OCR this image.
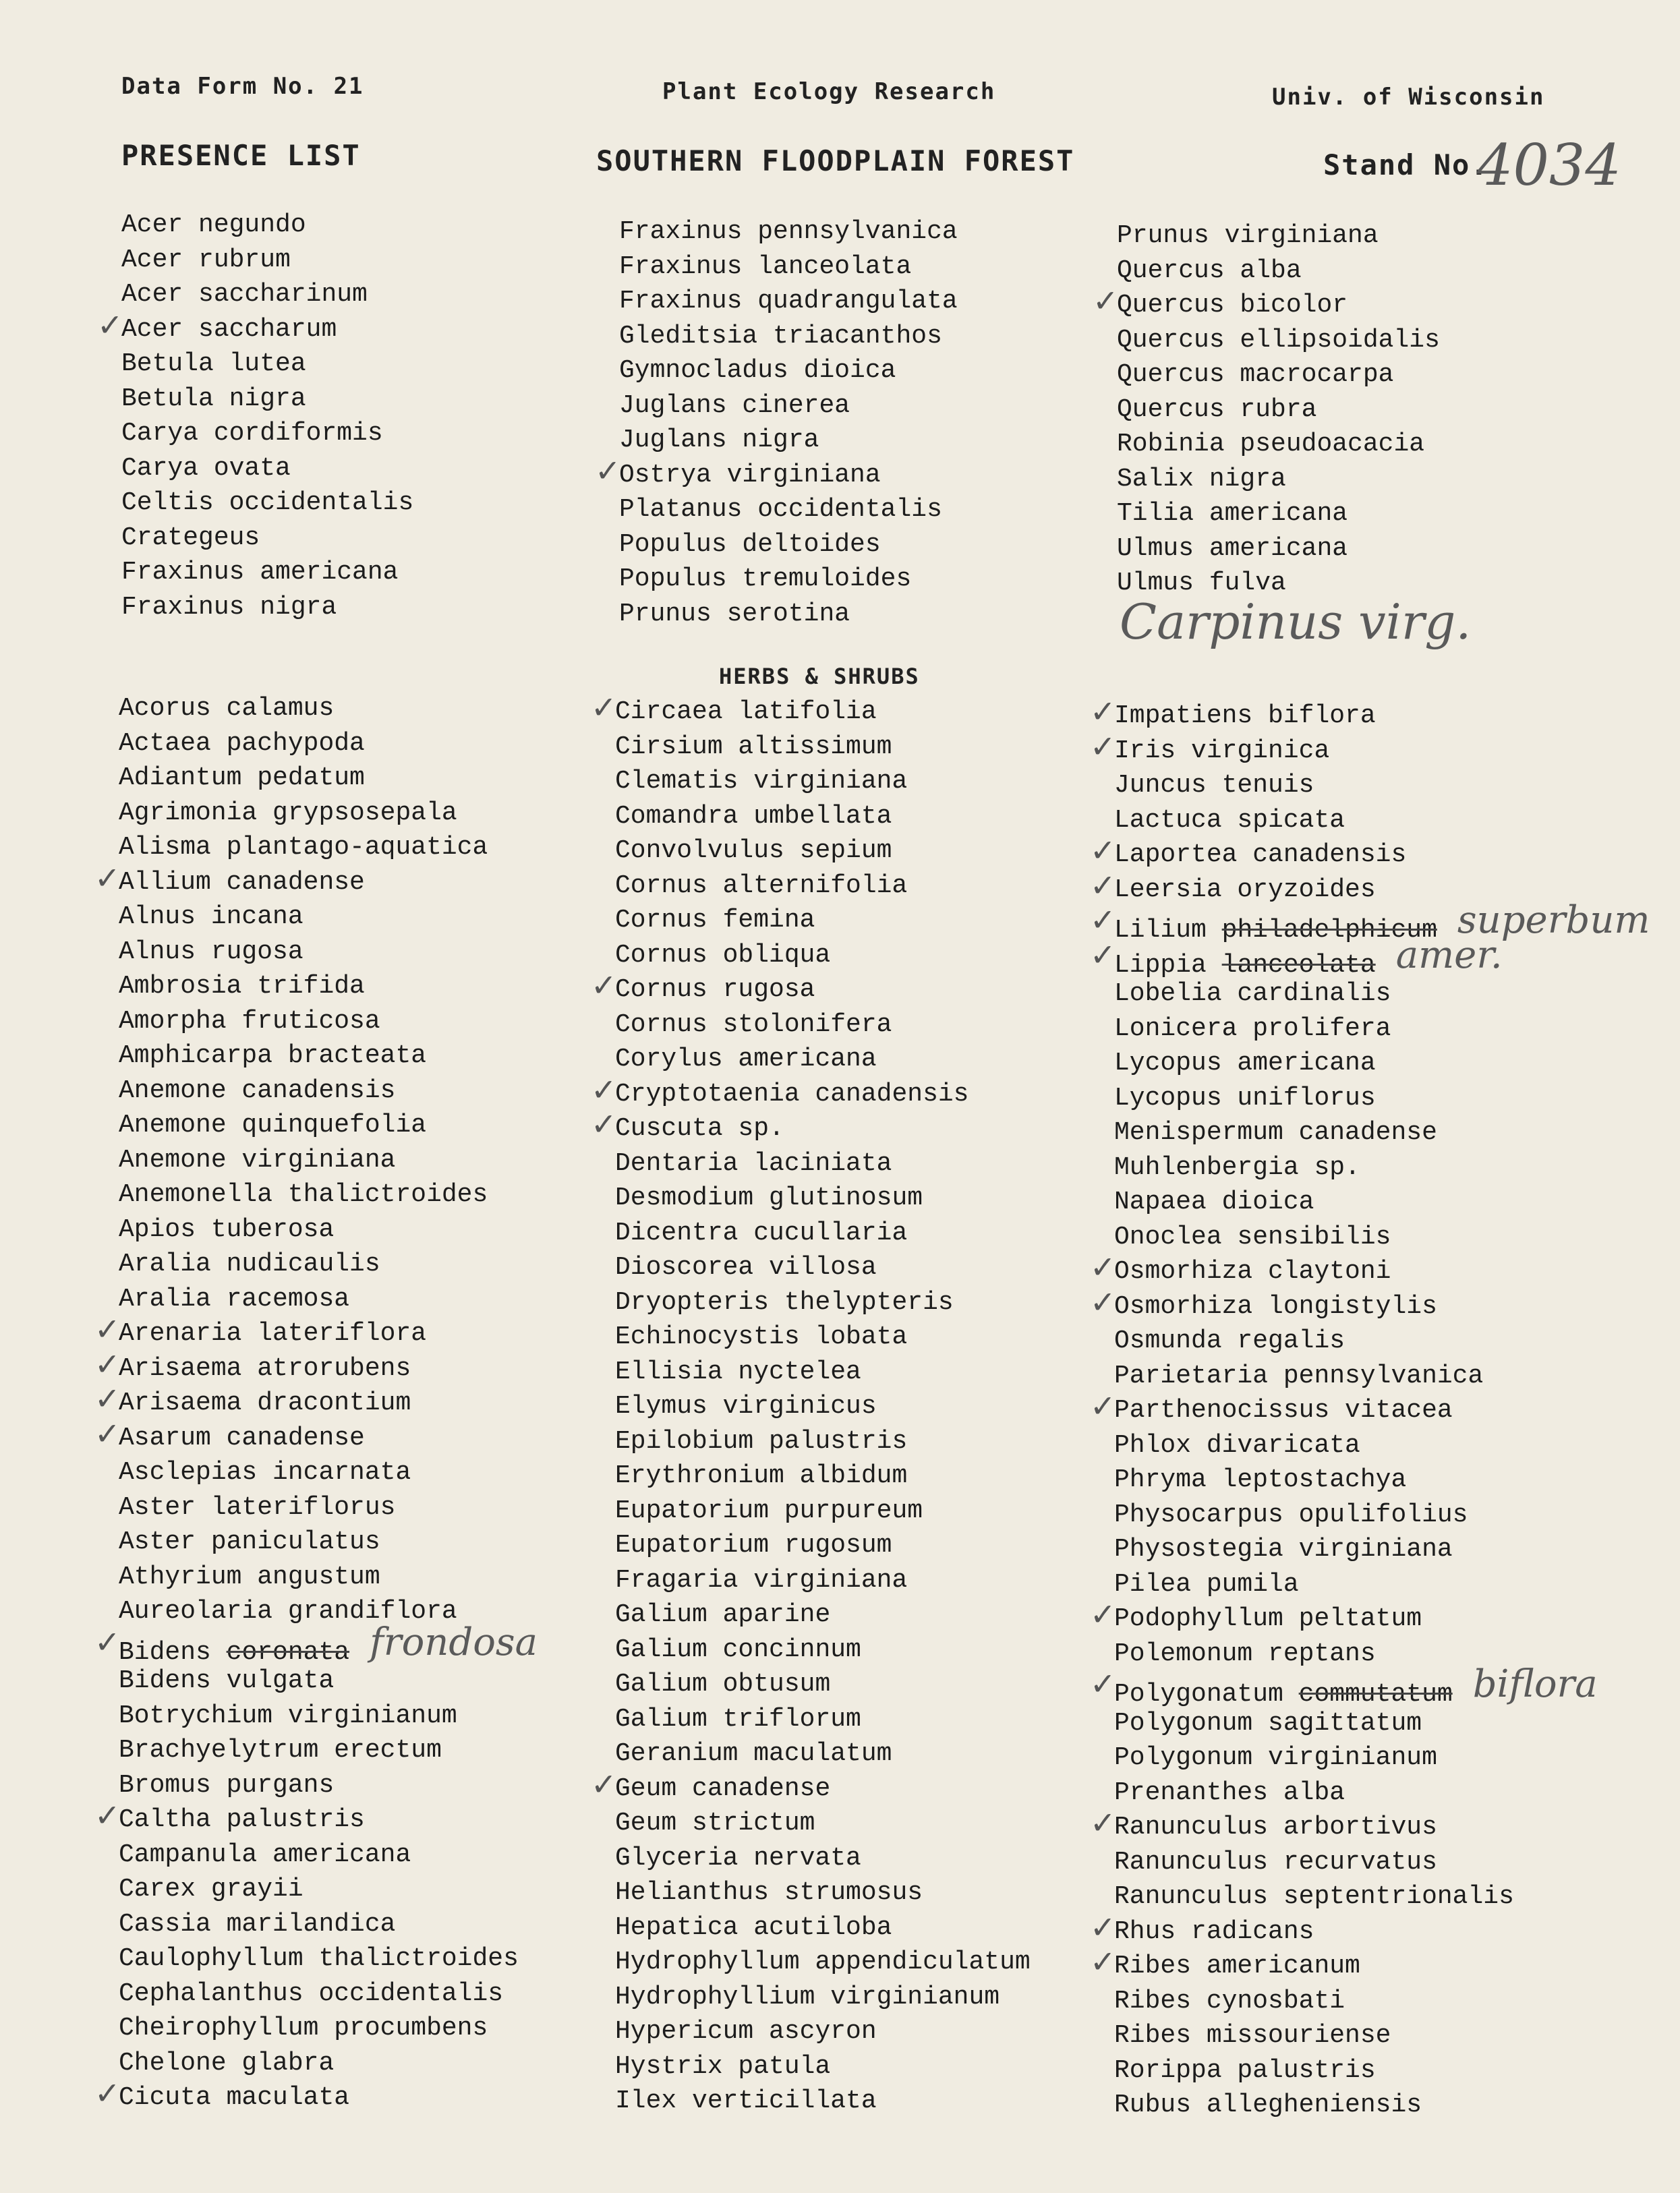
Data Form No. 21	Plant Ecology Research	Univ. of Wisconsin
PRESENCE LIST	SOUTHERN FLOODPLAIN FOREST	Stand No.
4034
Acer negundo
Acer rubrum
Acer saccharinum
✓
Acer saccharum
Betula lutea
Betula nigra
Carya cordiformis
Carya ovata
Celtis occidentalis
Crategeus
Fraxinus americana
Fraxinus nigra
Fraxinus pennsylvanica
Fraxinus lanceolata
Fraxinus quadrangulata
Gleditsia triacanthos
Gymnocladus dioica
Juglans cinerea
Juglans nigra
✓
Ostrya virginiana
Platanus occidentalis
Populus deltoides
Populus tremuloides
Prunus serotina
Prunus virginiana
Quercus alba
✓
Quercus bicolor
Quercus ellipsoidalis
Quercus macrocarpa
Quercus rubra
Robinia pseudoacacia
Salix nigra
Tilia americana
Ulmus americana
Ulmus fulva
Carpinus virg.
HERBS & SHRUBS
Acorus calamus
Actaea pachypoda
Adiantum pedatum
Agrimonia grypsosepala
Alisma plantago-aquatica
✓
Allium canadense
Alnus incana
Alnus rugosa
Ambrosia trifida
Amorpha fruticosa
Amphicarpa bracteata
Anemone canadensis
Anemone quinquefolia
Anemone virginiana
Anemonella thalictroides
Apios tuberosa
Aralia nudicaulis
Aralia racemosa
✓
Arenaria lateriflora
✓
Arisaema atrorubens
✓
Arisaema dracontium
✓
Asarum canadense
Asclepias incarnata
Aster lateriflorus
Aster paniculatus
Athyrium angustum
Aureolaria grandiflora
✓
Bidens coronata frondosa
Bidens vulgata
Botrychium virginianum
Brachyelytrum erectum
Bromus purgans
✓
Caltha palustris
Campanula americana
Carex grayii
Cassia marilandica
Caulophyllum thalictroides
Cephalanthus occidentalis
Cheirophyllum procumbens
Chelone glabra
✓
Cicuta maculata
✓
Circaea latifolia
Cirsium altissimum
Clematis virginiana
Comandra umbellata
Convolvulus sepium
Cornus alternifolia
Cornus femina
Cornus obliqua
✓
Cornus rugosa
Cornus stolonifera
Corylus americana
✓
Cryptotaenia canadensis
✓
Cuscuta sp.
Dentaria laciniata
Desmodium glutinosum
Dicentra cucullaria
Dioscorea villosa
Dryopteris thelypteris
Echinocystis lobata
Ellisia nyctelea
Elymus virginicus
Epilobium palustris
Erythronium albidum
Eupatorium purpureum
Eupatorium rugosum
Fragaria virginiana
Galium aparine
Galium concinnum
Galium obtusum
Galium triflorum
Geranium maculatum
✓
Geum canadense
Geum strictum
Glyceria nervata
Helianthus strumosus
Hepatica acutiloba
Hydrophyllum appendiculatum
Hydrophyllium virginianum
Hypericum ascyron
Hystrix patula
Ilex verticillata
✓
Impatiens biflora
✓
Iris virginica
Juncus tenuis
Lactuca spicata
✓
Laportea canadensis
✓
Leersia oryzoides
✓
Lilium philadelphicum superbum
✓
Lippia lanceolata amer.
Lobelia cardinalis
Lonicera prolifera
Lycopus americana
Lycopus uniflorus
Menispermum canadense
Muhlenbergia sp.
Napaea dioica
Onoclea sensibilis
✓
Osmorhiza claytoni
✓
Osmorhiza longistylis
Osmunda regalis
Parietaria pennsylvanica
✓
Parthenocissus vitacea
Phlox divaricata
Phryma leptostachya
Physocarpus opulifolius
Physostegia virginiana
Pilea pumila
✓
Podophyllum peltatum
Polemonum reptans
✓
Polygonatum commutatum biflora
Polygonum sagittatum
Polygonum virginianum
Prenanthes alba
✓
Ranunculus arbortivus
Ranunculus recurvatus
Ranunculus septentrionalis
✓
Rhus radicans
✓
Ribes americanum
Ribes cynosbati
Ribes missouriense
Rorippa palustris
Rubus allegheniensis
